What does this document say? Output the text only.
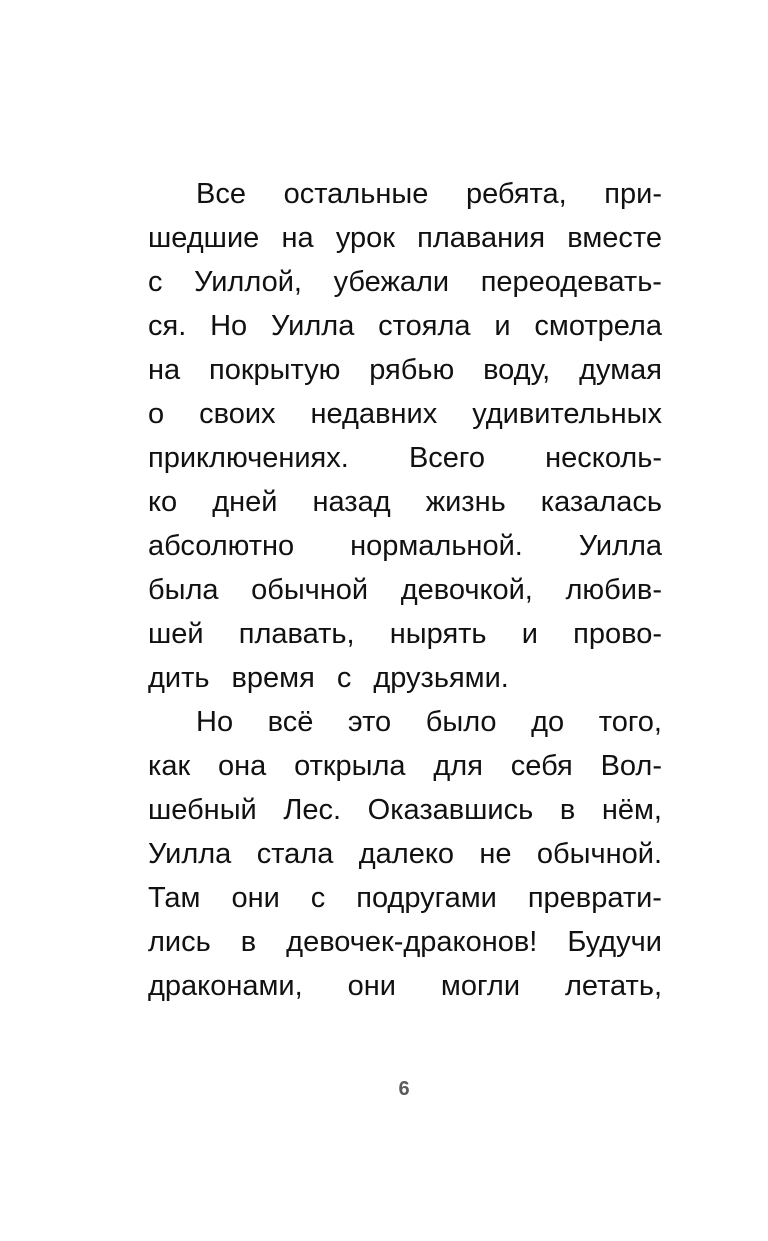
Все остальные ребята, при-
шедшие на урок плавания вместе
с Уиллой, убежали переодевать-
ся. Но Уилла стояла и смотрела
на покрытую рябью воду, думая
о своих недавних удивительных
приключениях. Всего несколь-
ко дней назад жизнь казалась
абсолютно нормальной. Уилла
была обычной девочкой, любив-
шей плавать, нырять и прово-
дить время с друзьями.
Но всё это было до того,
как она открыла для себя Вол-
шебный Лес. Оказавшись в нём,
Уилла стала далеко не обычной.
Там они с подругами преврати-
лись в девочек-драконов! Будучи
драконами, они могли летать,
6
